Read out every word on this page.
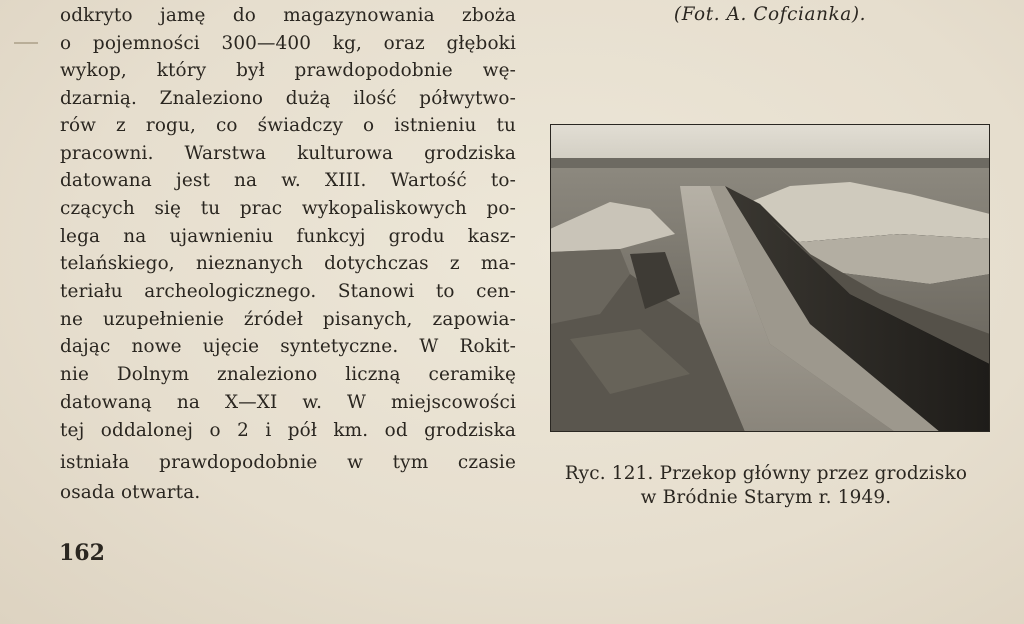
odkryto jamę do magazynowania zboża
o pojemności 300—400 kg, oraz głęboki
wykop, który był prawdopodobnie wę-
dzarnią. Znaleziono dużą ilość półwytwo-
rów z rogu, co świadczy o istnieniu tu
pracowni. Warstwa kulturowa grodziska
datowana jest na w. XIII. Wartość to-
czących się tu prac wykopaliskowych po-
lega na ujawnieniu funkcyj grodu kasz-
telańskiego, nieznanych dotychczas z ma-
teriału archeologicznego. Stanowi to cen-
ne uzupełnienie źródeł pisanych, zapowia-
dając nowe ujęcie syntetyczne. W Rokit-
nie Dolnym znaleziono liczną ceramikę
datowaną na X—XI w. W miejscowości
tej oddalonej o 2 i pół km. od grodziska
istniała prawdopodobnie w tym czasie
osada otwarta.
(Fot. A. Cofcianka).
Ryc. 121. Przekop główny przez grodzisko
w Bródnie Starym r. 1949.
162
